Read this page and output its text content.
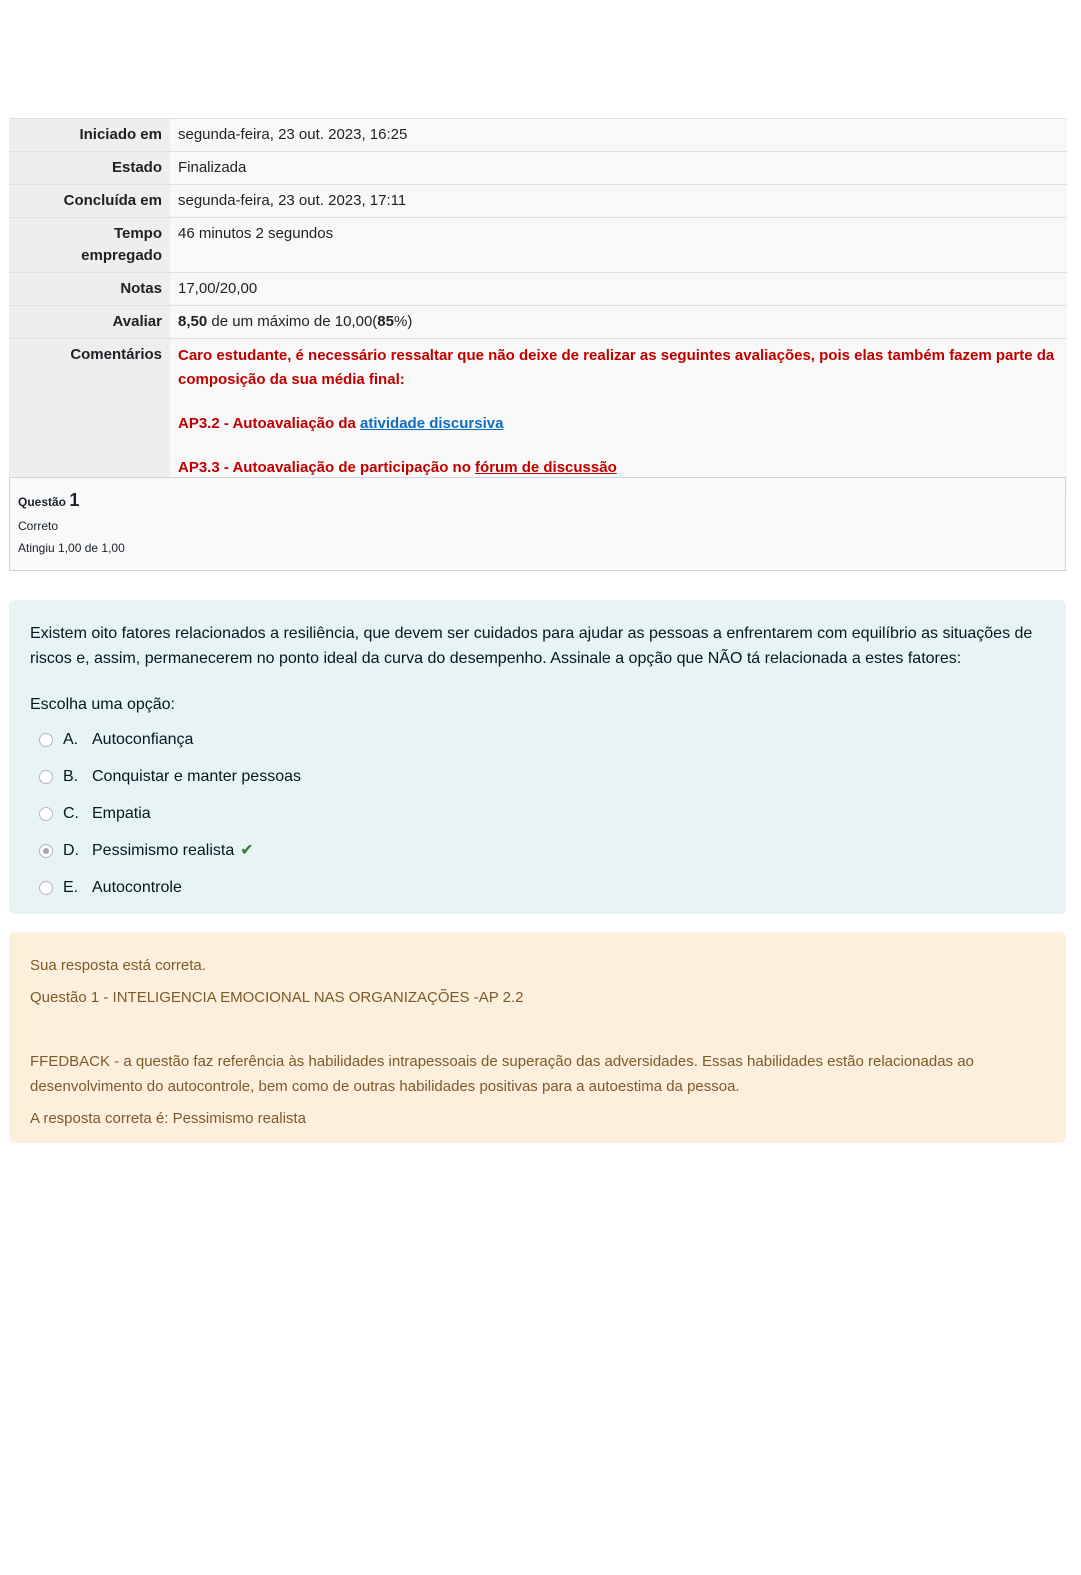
Iniciado em	segunda-feira, 23 out. 2023, 16:25
Estado	Finalizada
Concluída em	segunda-feira, 23 out. 2023, 17:11
Tempo
empregado	46 minutos 2 segundos
Notas	17,00/20,00
Avaliar	8,50 de um máximo de 10,00(85%)
Comentários	Caro estudante, é necessário ressaltar que não deixe de realizar as seguintes avaliações, pois elas também fazem parte da composição da sua média final:

AP3.2 - Autoavaliação da atividade discursiva

AP3.3 - Autoavaliação de participação no fórum de discussão

Questão 1
Correto
Atingiu 1,00 de 1,00
Existem oito fatores relacionados a resiliência, que devem ser cuidados para ajudar as pessoas a enfrentarem com equilíbrio as situações de riscos e, assim, permanecerem no ponto ideal da curva do desempenho. Assinale a opção que NÃO tá relacionada a estes fatores:
Escolha uma opção:
A. Autoconfiança
B. Conquistar e manter pessoas
C. Empatia
D. Pessimismo realista ✔
E. Autocontrole

Sua resposta está correta.

Questão 1 - INTELIGENCIA EMOCIONAL NAS ORGANIZAÇÕES -AP 2.2

FFEDBACK - a questão faz referência às habilidades intrapessoais de superação das adversidades. Essas habilidades estão relacionadas ao desenvolvimento do autocontrole, bem como de outras habilidades positivas para a autoestima da pessoa.

A resposta correta é: Pessimismo realista
